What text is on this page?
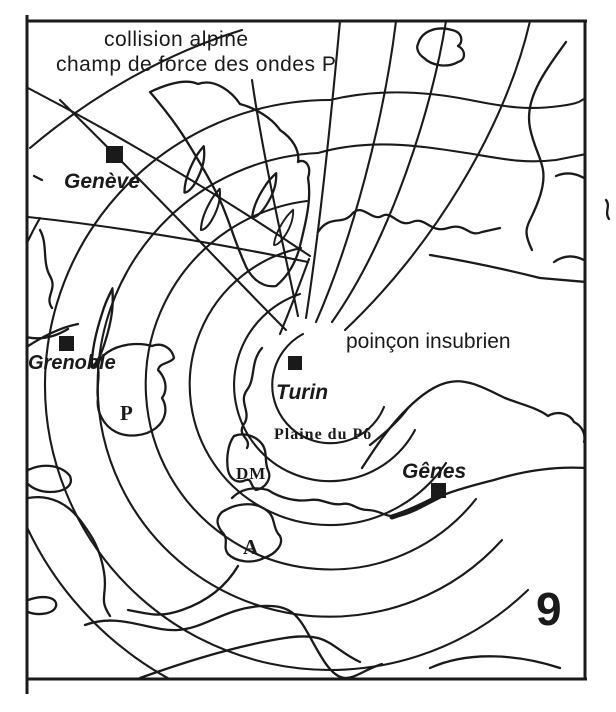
collision alpine
champ de force des ondes P
Genève
Grenoble
Turin
Gênes
poinçon insubrien
Plaine du Pô
P
DM
A
9
